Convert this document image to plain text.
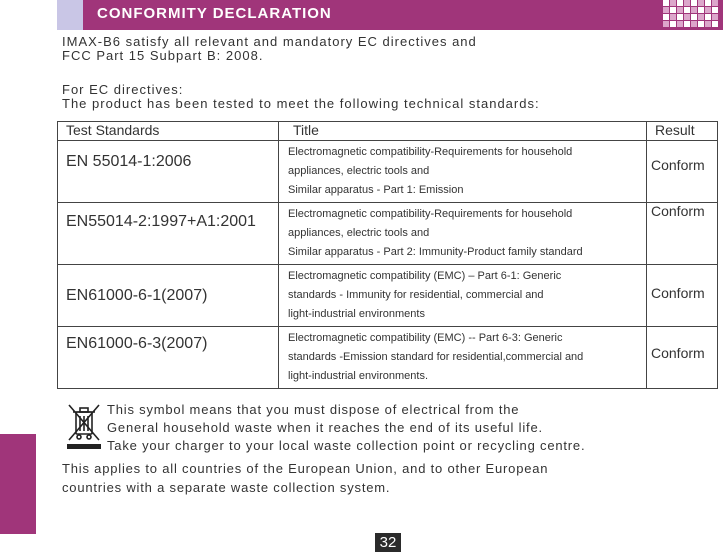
CONFORMITY DECLARATION
IMAX-B6 satisfy all relevant and mandatory EC directives and
FCC Part 15 Subpart B: 2008.
For EC directives:
The product has been tested to meet the following technical standards:
Test Standards	Title	Result

EN 55014-1:2006	Electromagnetic compatibility-Requirements for household
appliances, electric tools and
Similar apparatus - Part 1: Emission	Conform

EN55014-2:1997+A1:2001	Electromagnetic compatibility-Requirements for household
appliances, electric tools and
Similar apparatus - Part 2: Immunity-Product family standard	Conform

EN61000-6-1(2007)	Electromagnetic compatibility (EMC) – Part 6-1: Generic
standards - Immunity for residential, commercial and
light-industrial environments	Conform

EN61000-6-3(2007)	Electromagnetic compatibility (EMC) -- Part 6-3: Generic
standards -Emission standard for residential,commercial and
light-industrial environments.	Conform
This symbol means that you must dispose of electrical from the
General household waste when it reaches the end of its useful life.
Take your charger to your local waste collection point or recycling centre.
This applies to all countries of the European Union, and to other European
countries with a separate waste collection system.
32
